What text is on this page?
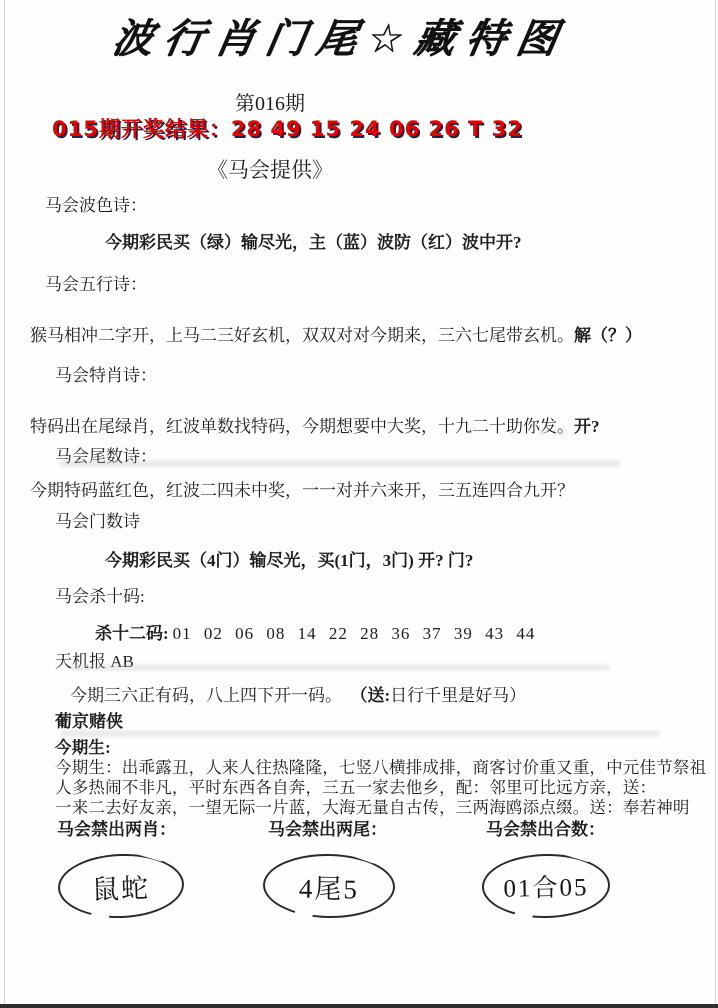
波行肖门尾☆藏特图
第016期
015期开奖结果：28 49 15 24 06 26 T 32
《马会提供》
马会波色诗：
今期彩民买（绿）输尽光，主（蓝）波防（红）波中开?
马会五行诗：
猴马相冲二字开，上马二三好玄机，双双对对今期来，三六七尾带玄机。解（？）
马会特肖诗：
特码出在尾绿肖，红波单数找特码，今期想要中大奖，十九二十助你发。开?
马会尾数诗：
今期特码蓝红色，红波二四未中奖，一一对并六来开，三五连四合九开？
马会门数诗
今期彩民买（4门）输尽光，买(1门，3门) 开? 门?
马会杀十码:
杀十二码: 01 02 06 08 14 22 28 36 37 39 43 44
天机报 AB
今期三六正有码，八上四下开一码。 （送:日行千里是好马）
葡京赌侠
今期生:
今期生：出乖露丑，人来人往热隆隆，七竖八横排成排，商客讨价重又重，中元佳节祭祖
人多热闹不非凡，平时东西各自奔，三五一家去他乡，配：邻里可比远方亲，送：
一来二去好友亲，一望无际一片蓝，大海无量自古传，三两海鸥添点缀。送：奉若神明
马会禁出两肖：	马会禁出两尾：	马会禁出合数：
鼠蛇	4尾5	01合05
